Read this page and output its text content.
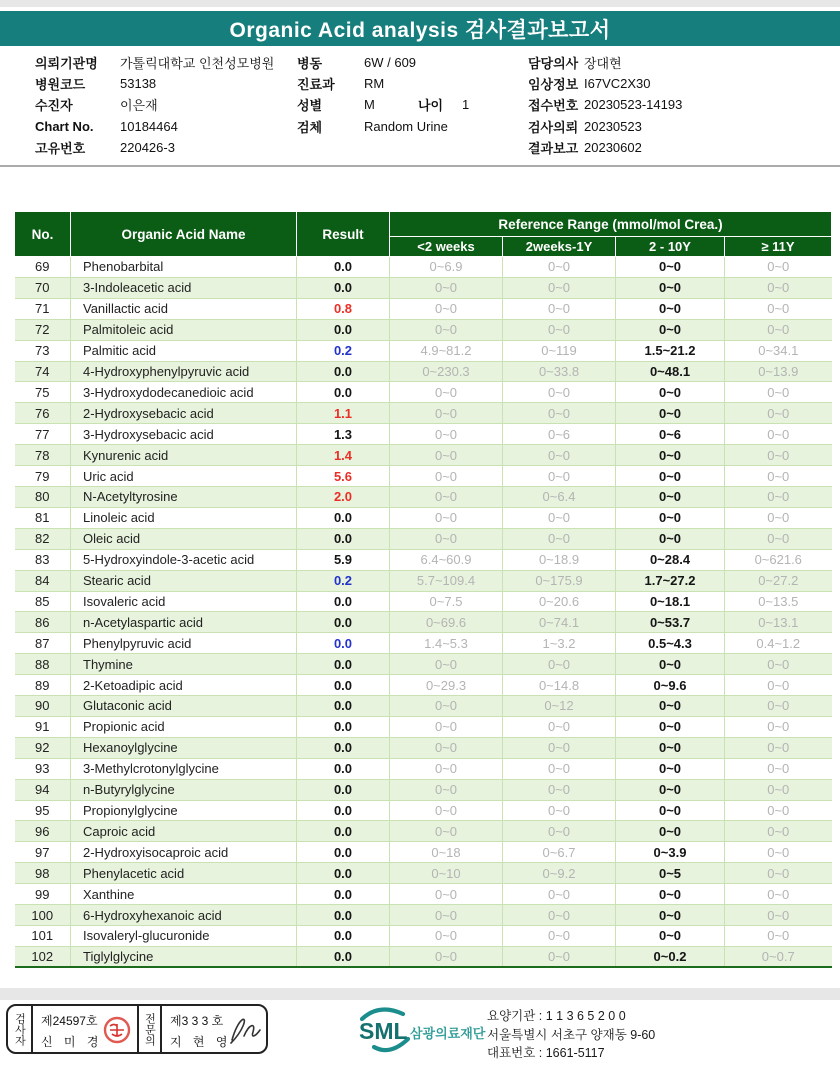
Organic Acid analysis 검사결과보고서
의뢰기관명	가톨릭대학교 인천성모병원
병원코드	53138
수진자	이은재
Chart No.	10184464
고유번호	220426-3
병동	6W / 609
진료과	RM
성별	M	나이	1
검체	Random Urine
담당의사 장대현
임상정보 I67VC2X30
접수번호 20230523-14193
검사의뢰 20230523
결과보고 20230602
No.	Organic Acid Name	Result	Reference Range (mmol/mol Crea.)			
			<2 weeks	2weeks-1Y	2 - 10Y	≥ 11Y
69	Phenobarbital	0.0	0~6.9	0~0	0~0	0~0
70	3-Indoleacetic acid	0.0	0~0	0~0	0~0	0~0
71	Vanillactic acid	0.8	0~0	0~0	0~0	0~0
72	Palmitoleic acid	0.0	0~0	0~0	0~0	0~0
73	Palmitic acid	0.2	4.9~81.2	0~119	1.5~21.2	0~34.1
74	4-Hydroxyphenylpyruvic acid	0.0	0~230.3	0~33.8	0~48.1	0~13.9
75	3-Hydroxydodecanedioic acid	0.0	0~0	0~0	0~0	0~0
76	2-Hydroxysebacic acid	1.1	0~0	0~0	0~0	0~0
77	3-Hydroxysebacic acid	1.3	0~0	0~6	0~6	0~0
78	Kynurenic acid	1.4	0~0	0~0	0~0	0~0
79	Uric acid	5.6	0~0	0~0	0~0	0~0
80	N-Acetyltyrosine	2.0	0~0	0~6.4	0~0	0~0
81	Linoleic acid	0.0	0~0	0~0	0~0	0~0
82	Oleic acid	0.0	0~0	0~0	0~0	0~0
83	5-Hydroxyindole-3-acetic acid	5.9	6.4~60.9	0~18.9	0~28.4	0~621.6
84	Stearic acid	0.2	5.7~109.4	0~175.9	1.7~27.2	0~27.2
85	Isovaleric acid	0.0	0~7.5	0~20.6	0~18.1	0~13.5
86	n-Acetylaspartic acid	0.0	0~69.6	0~74.1	0~53.7	0~13.1
87	Phenylpyruvic acid	0.0	1.4~5.3	1~3.2	0.5~4.3	0.4~1.2
88	Thymine	0.0	0~0	0~0	0~0	0~0
89	2-Ketoadipic acid	0.0	0~29.3	0~14.8	0~9.6	0~0
90	Glutaconic acid	0.0	0~0	0~12	0~0	0~0
91	Propionic acid	0.0	0~0	0~0	0~0	0~0
92	Hexanoylglycine	0.0	0~0	0~0	0~0	0~0
93	3-Methylcrotonylglycine	0.0	0~0	0~0	0~0	0~0
94	n-Butyrylglycine	0.0	0~0	0~0	0~0	0~0
95	Propionylglycine	0.0	0~0	0~0	0~0	0~0
96	Caproic acid	0.0	0~0	0~0	0~0	0~0
97	2-Hydroxyisocaproic acid	0.0	0~18	0~6.7	0~3.9	0~0
98	Phenylacetic acid	0.0	0~10	0~9.2	0~5	0~0
99	Xanthine	0.0	0~0	0~0	0~0	0~0
100	6-Hydroxyhexanoic acid	0.0	0~0	0~0	0~0	0~0
101	Isovaleryl-glucuronide	0.0	0~0	0~0	0~0	0~0
102	Tiglylglycine	0.0	0~0	0~0	0~0.2	0~0.7
검사자	제24597호
신 미 경	전문의	제3 3 3 호
지 현 영	SML 삼광의료재단
요양기관 : 1 1 3 6 5 2 0 0
서울특별시 서초구 양재동 9-60
대표번호 : 1661-5117
